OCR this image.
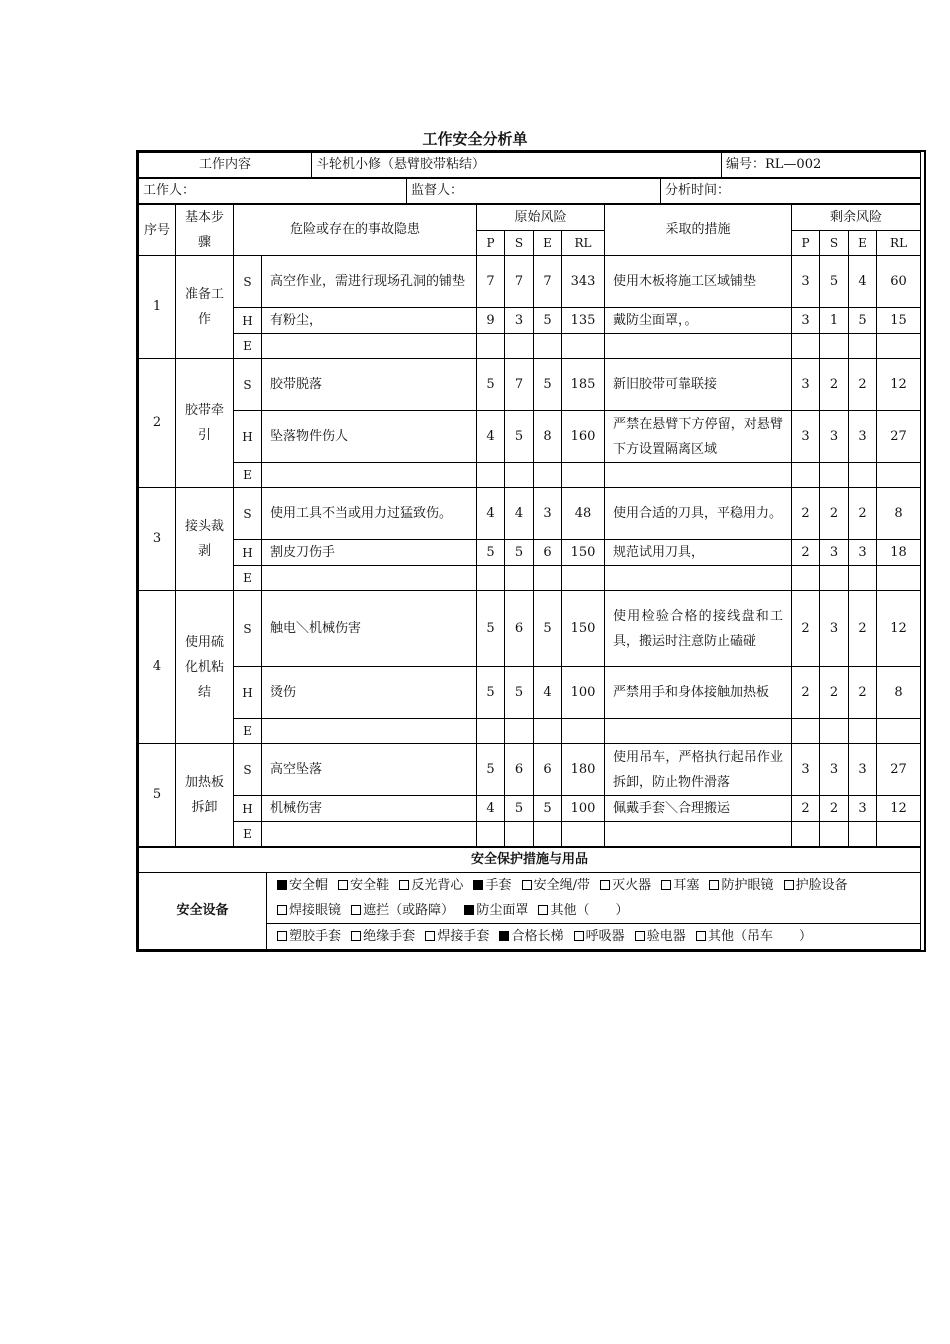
工作安全分析单
工作内容	斗轮机小修（悬臂胶带粘结）	编号：RL—002
工作人：	监督人：	分析时间：
序号	基本步骤	危险或存在的事故隐患		原始风险				采取的措施	剩余风险			
				P	S	E	RL		P	S	E	RL
1	准备工作	S	高空作业，需进行现场孔洞的铺垫	7	7	7	343	使用木板将施工区域铺垫	3	5	4	60
		H	有粉尘，	9	3	5	135	戴防尘面罩，。	3	1	5	15
		E										
2	胶带牵引	S	胶带脱落	5	7	5	185	新旧胶带可靠联接	3	2	2	12
		H	坠落物件伤人	4	5	8	160	严禁在悬臂下方停留，对悬臂下方设置隔离区域	3	3	3	27
		E										
3	接头裁剥	S	使用工具不当或用力过猛致伤。	4	4	3	48	使用合适的刀具，平稳用力。	2	2	2	8
		H	割皮刀伤手	5	5	6	150	规范试用刀具，	2	3	3	18
		E										
4	使用硫化机粘结	S	触电＼机械伤害	5	6	5	150	使用检验合格的接线盘和工具，搬运时注意防止磕碰	2	3	2	12
		H	烫伤	5	5	4	100	严禁用手和身体接触加热板	2	2	2	8
		E										
5	加热板拆卸	S	高空坠落	5	6	6	180	使用吊车，严格执行起吊作业拆卸，防止物件滑落	3	3	3	27
		H	机械伤害	4	5	5	100	佩戴手套＼合理搬运	2	2	3	12
		E										
安全保护措施与用品
安全设备	安全帽 安全鞋 反光背心 手套 安全绳/带 灭火器 耳塞 防护眼镜 护脸设备 焊接眼镜 遮拦（或路障） 防尘面罩 其他（　　）
塑胶手套 绝缘手套 焊接手套 合格长梯 呼吸器 验电器 其他（吊车　　）
